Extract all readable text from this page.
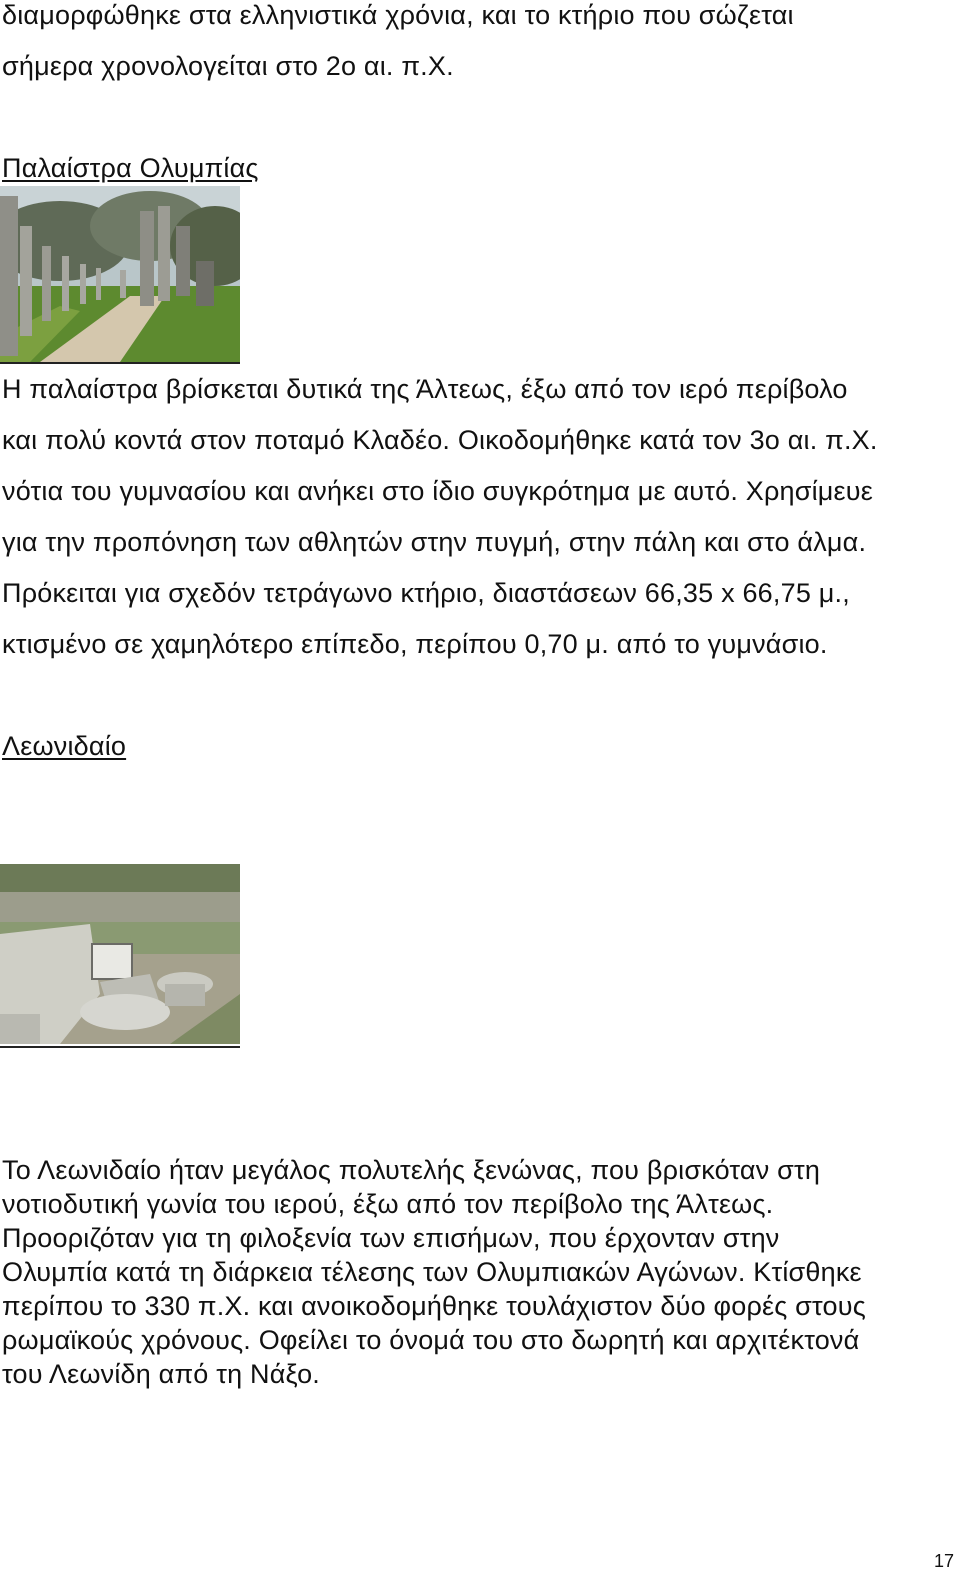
διαμορφώθηκε στα ελληνιστικά χρόνια, και το κτήριο που σώζεται
σήμερα χρονολογείται στο 2ο αι. π.Χ.
Παλαίστρα Ολυμπίας
Η παλαίστρα βρίσκεται δυτικά της Άλτεως, έξω από τον ιερό περίβολο
και πολύ κοντά στον ποταμό Κλαδέο. Οικοδομήθηκε κατά τον 3ο αι. π.Χ.
νότια του γυμνασίου και ανήκει στο ίδιο συγκρότημα με αυτό. Χρησίμευε
για την προπόνηση των αθλητών στην πυγμή, στην πάλη και στο άλμα.
Πρόκειται για σχεδόν τετράγωνο κτήριο, διαστάσεων 66,35 x 66,75 μ.,
κτισμένο σε χαμηλότερο επίπεδο, περίπου 0,70 μ. από το γυμνάσιο.
Λεωνιδαίο
Το Λεωνιδαίο ήταν μεγάλος πολυτελής ξενώνας, που βρισκόταν στη
νοτιοδυτική γωνία του ιερού, έξω από τον περίβολο της Άλτεως.
Προοριζόταν για τη φιλοξενία των επισήμων, που έρχονταν στην
Ολυμπία κατά τη διάρκεια τέλεσης των Ολυμπιακών Αγώνων. Κτίσθηκε
περίπου το 330 π.Χ. και ανοικοδομήθηκε τουλάχιστον δύο φορές στους
ρωμαϊκούς χρόνους. Οφείλει το όνομά του στο δωρητή και αρχιτέκτονά
του Λεωνίδη από τη Νάξο.
17
